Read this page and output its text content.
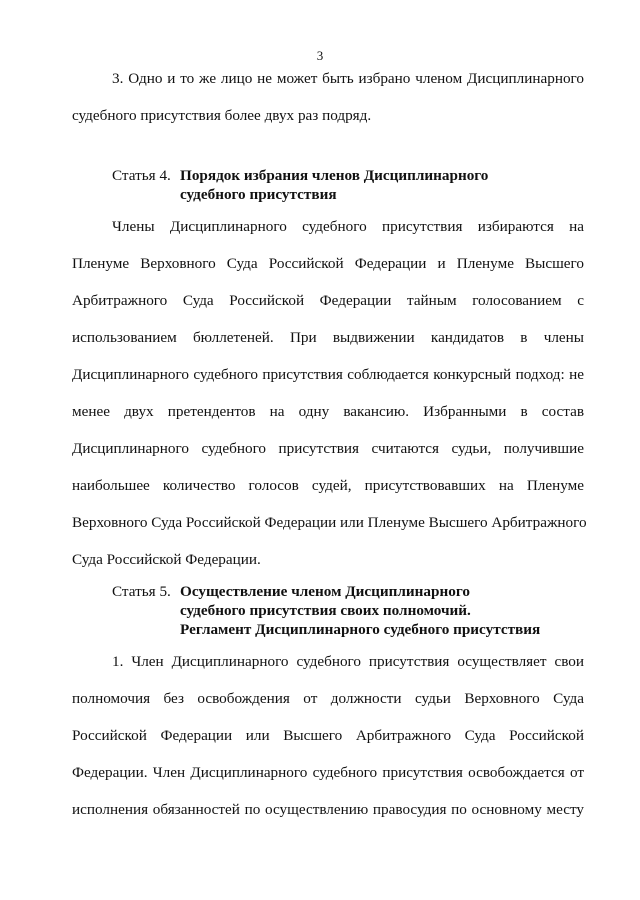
3
3. Одно и то же лицо не может быть избрано членом Дисциплинарного
судебного присутствия более двух раз подряд.
Статья 4. Порядок избрания членов Дисциплинарного
судебного присутствия
Члены Дисциплинарного судебного присутствия избираются на
Пленуме Верховного Суда Российской Федерации и Пленуме Высшего
Арбитражного Суда Российской Федерации тайным голосованием с
использованием бюллетеней. При выдвижении кандидатов в члены
Дисциплинарного судебного присутствия соблюдается конкурсный подход: не
менее двух претендентов на одну вакансию. Избранными в состав
Дисциплинарного судебного присутствия считаются судьи, получившие
наибольшее количество голосов судей, присутствовавших на Пленуме
Верховного Суда Российской Федерации или Пленуме Высшего Арбитражного
Суда Российской Федерации.
Статья 5. Осуществление членом Дисциплинарного
судебного присутствия своих полномочий.
Регламент Дисциплинарного судебного присутствия
1. Член Дисциплинарного судебного присутствия осуществляет свои
полномочия без освобождения от должности судьи Верховного Суда
Российской Федерации или Высшего Арбитражного Суда Российской
Федерации. Член Дисциплинарного судебного присутствия освобождается от
исполнения обязанностей по осуществлению правосудия по основному месту
